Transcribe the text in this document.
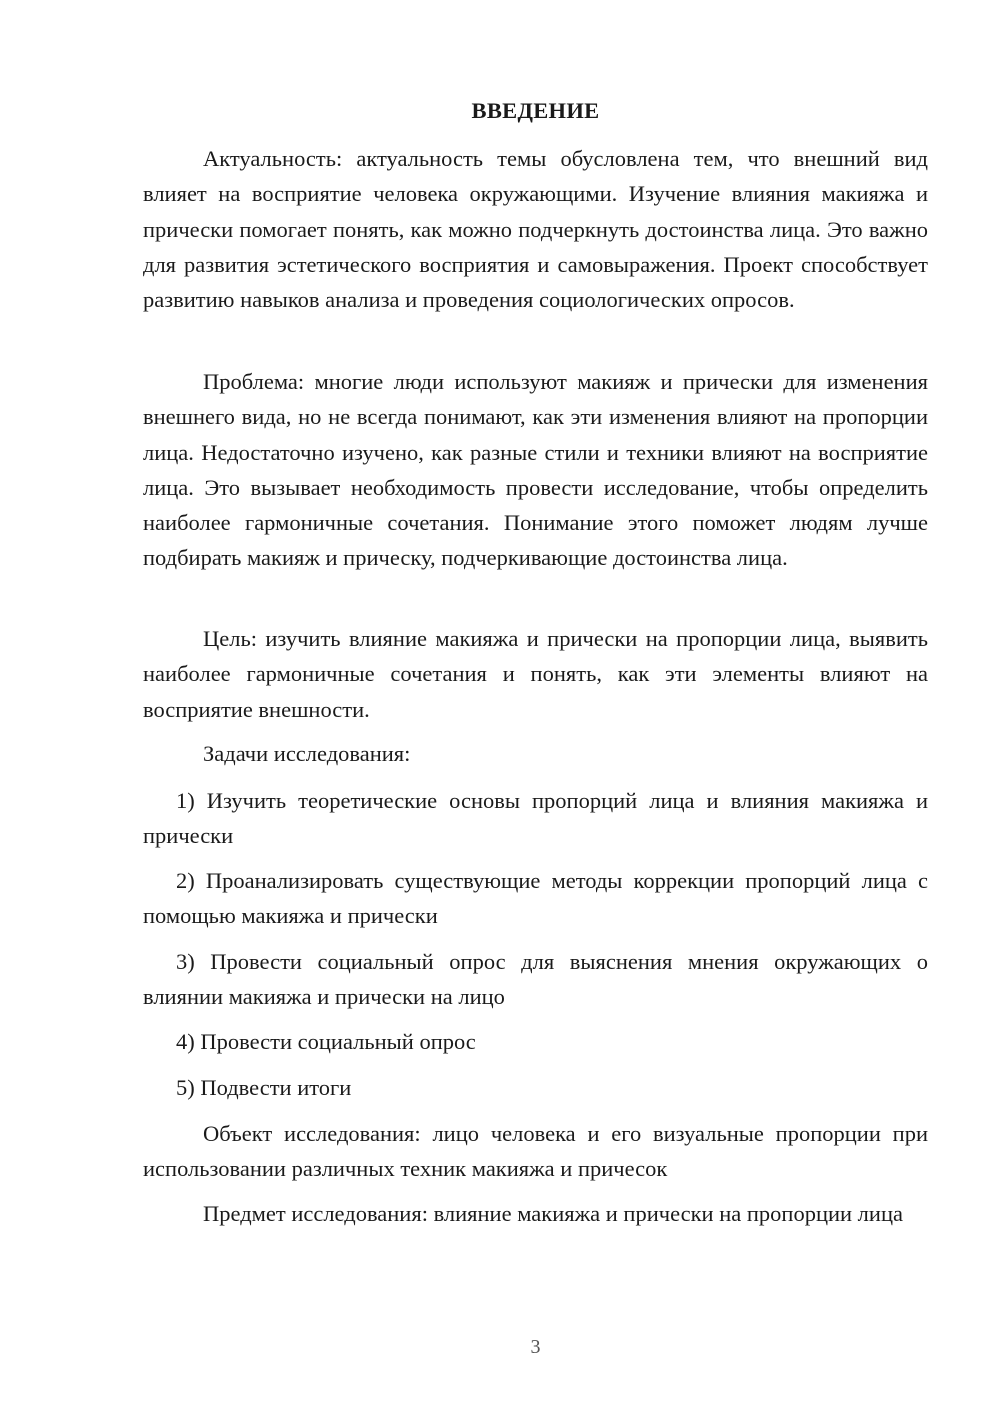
ВВЕДЕНИЕ

Актуальность: актуальность темы обусловлена тем, что внешний вид влияет на восприятие человека окружающими. Изучение влияния макияжа и прически помогает понять, как можно подчеркнуть достоинства лица. Это важно для развития эстетического восприятия и самовыражения. Проект способствует развитию навыков анализа и проведения социологических опросов.

Проблема: многие люди используют макияж и прически для изменения внешнего вида, но не всегда понимают, как эти изменения влияют на пропорции лица. Недостаточно изучено, как разные стили и техники влияют на восприятие лица. Это вызывает необходимость провести исследование, чтобы определить наиболее гармоничные сочетания. Понимание этого поможет людям лучше подбирать макияж и прическу, подчеркивающие достоинства лица.

Цель: изучить влияние макияжа и прически на пропорции лица, выявить наиболее гармоничные сочетания и понять, как эти элементы влияют на восприятие внешности.

Задачи исследования:

1) Изучить теоретические основы пропорций лица и влияния макияжа и прически

2) Проанализировать существующие методы коррекции пропорций лица с помощью макияжа и прически

3) Провести социальный опрос для выяснения мнения окружающих о влиянии макияжа и прически на лицо

4) Провести социальный опрос

5) Подвести итоги

Объект исследования: лицо человека и его визуальные пропорции при использовании различных техник макияжа и причесок

Предмет исследования: влияние макияжа и прически на пропорции лица

3
